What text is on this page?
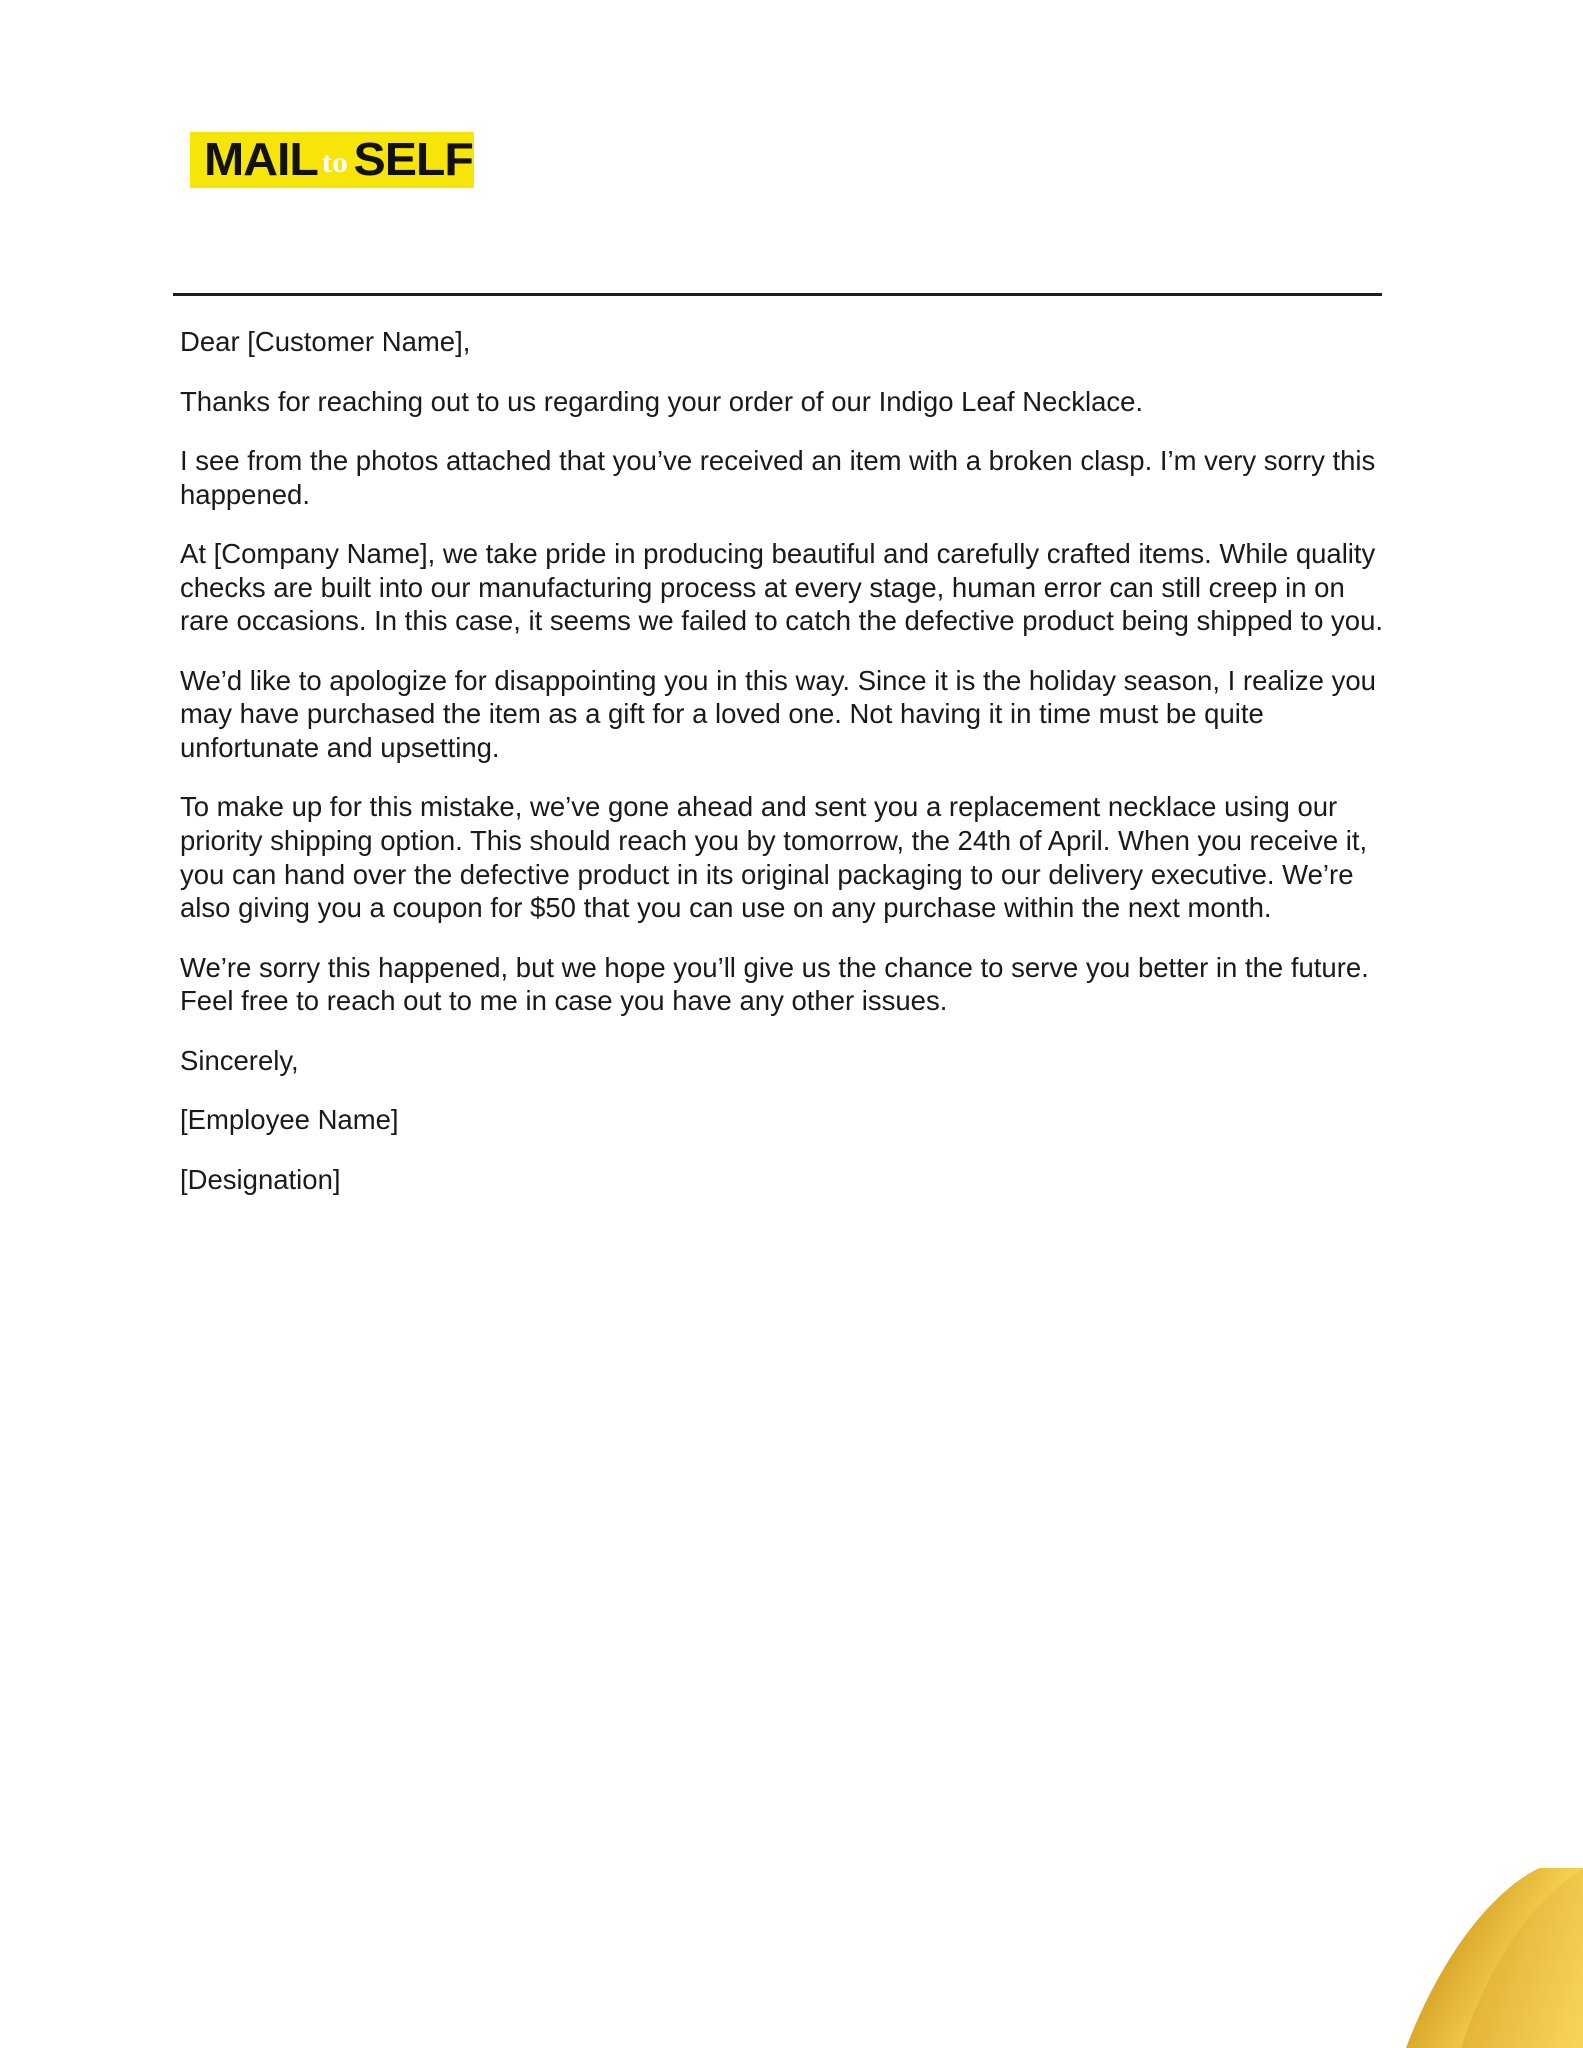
MAIL SELF
to

Dear [Customer Name],

Thanks for reaching out to us regarding your order of our Indigo Leaf Necklace.

I see from the photos attached that you’ve received an item with a broken clasp. I’m very sorry this happened.

At [Company Name], we take pride in producing beautiful and carefully crafted items. While quality checks are built into our manufacturing process at every stage, human error can still creep in on rare occasions. In this case, it seems we failed to catch the defective product being shipped to you.

We’d like to apologize for disappointing you in this way. Since it is the holiday season, I realize you may have purchased the item as a gift for a loved one. Not having it in time must be quite unfortunate and upsetting.

To make up for this mistake, we’ve gone ahead and sent you a replacement necklace using our priority shipping option. This should reach you by tomorrow, the 24th of April. When you receive it, you can hand over the defective product in its original packaging to our delivery executive. We’re also giving you a coupon for $50 that you can use on any purchase within the next month.

We’re sorry this happened, but we hope you’ll give us the chance to serve you better in the future. Feel free to reach out to me in case you have any other issues.

Sincerely,

[Employee Name]

[Designation]
